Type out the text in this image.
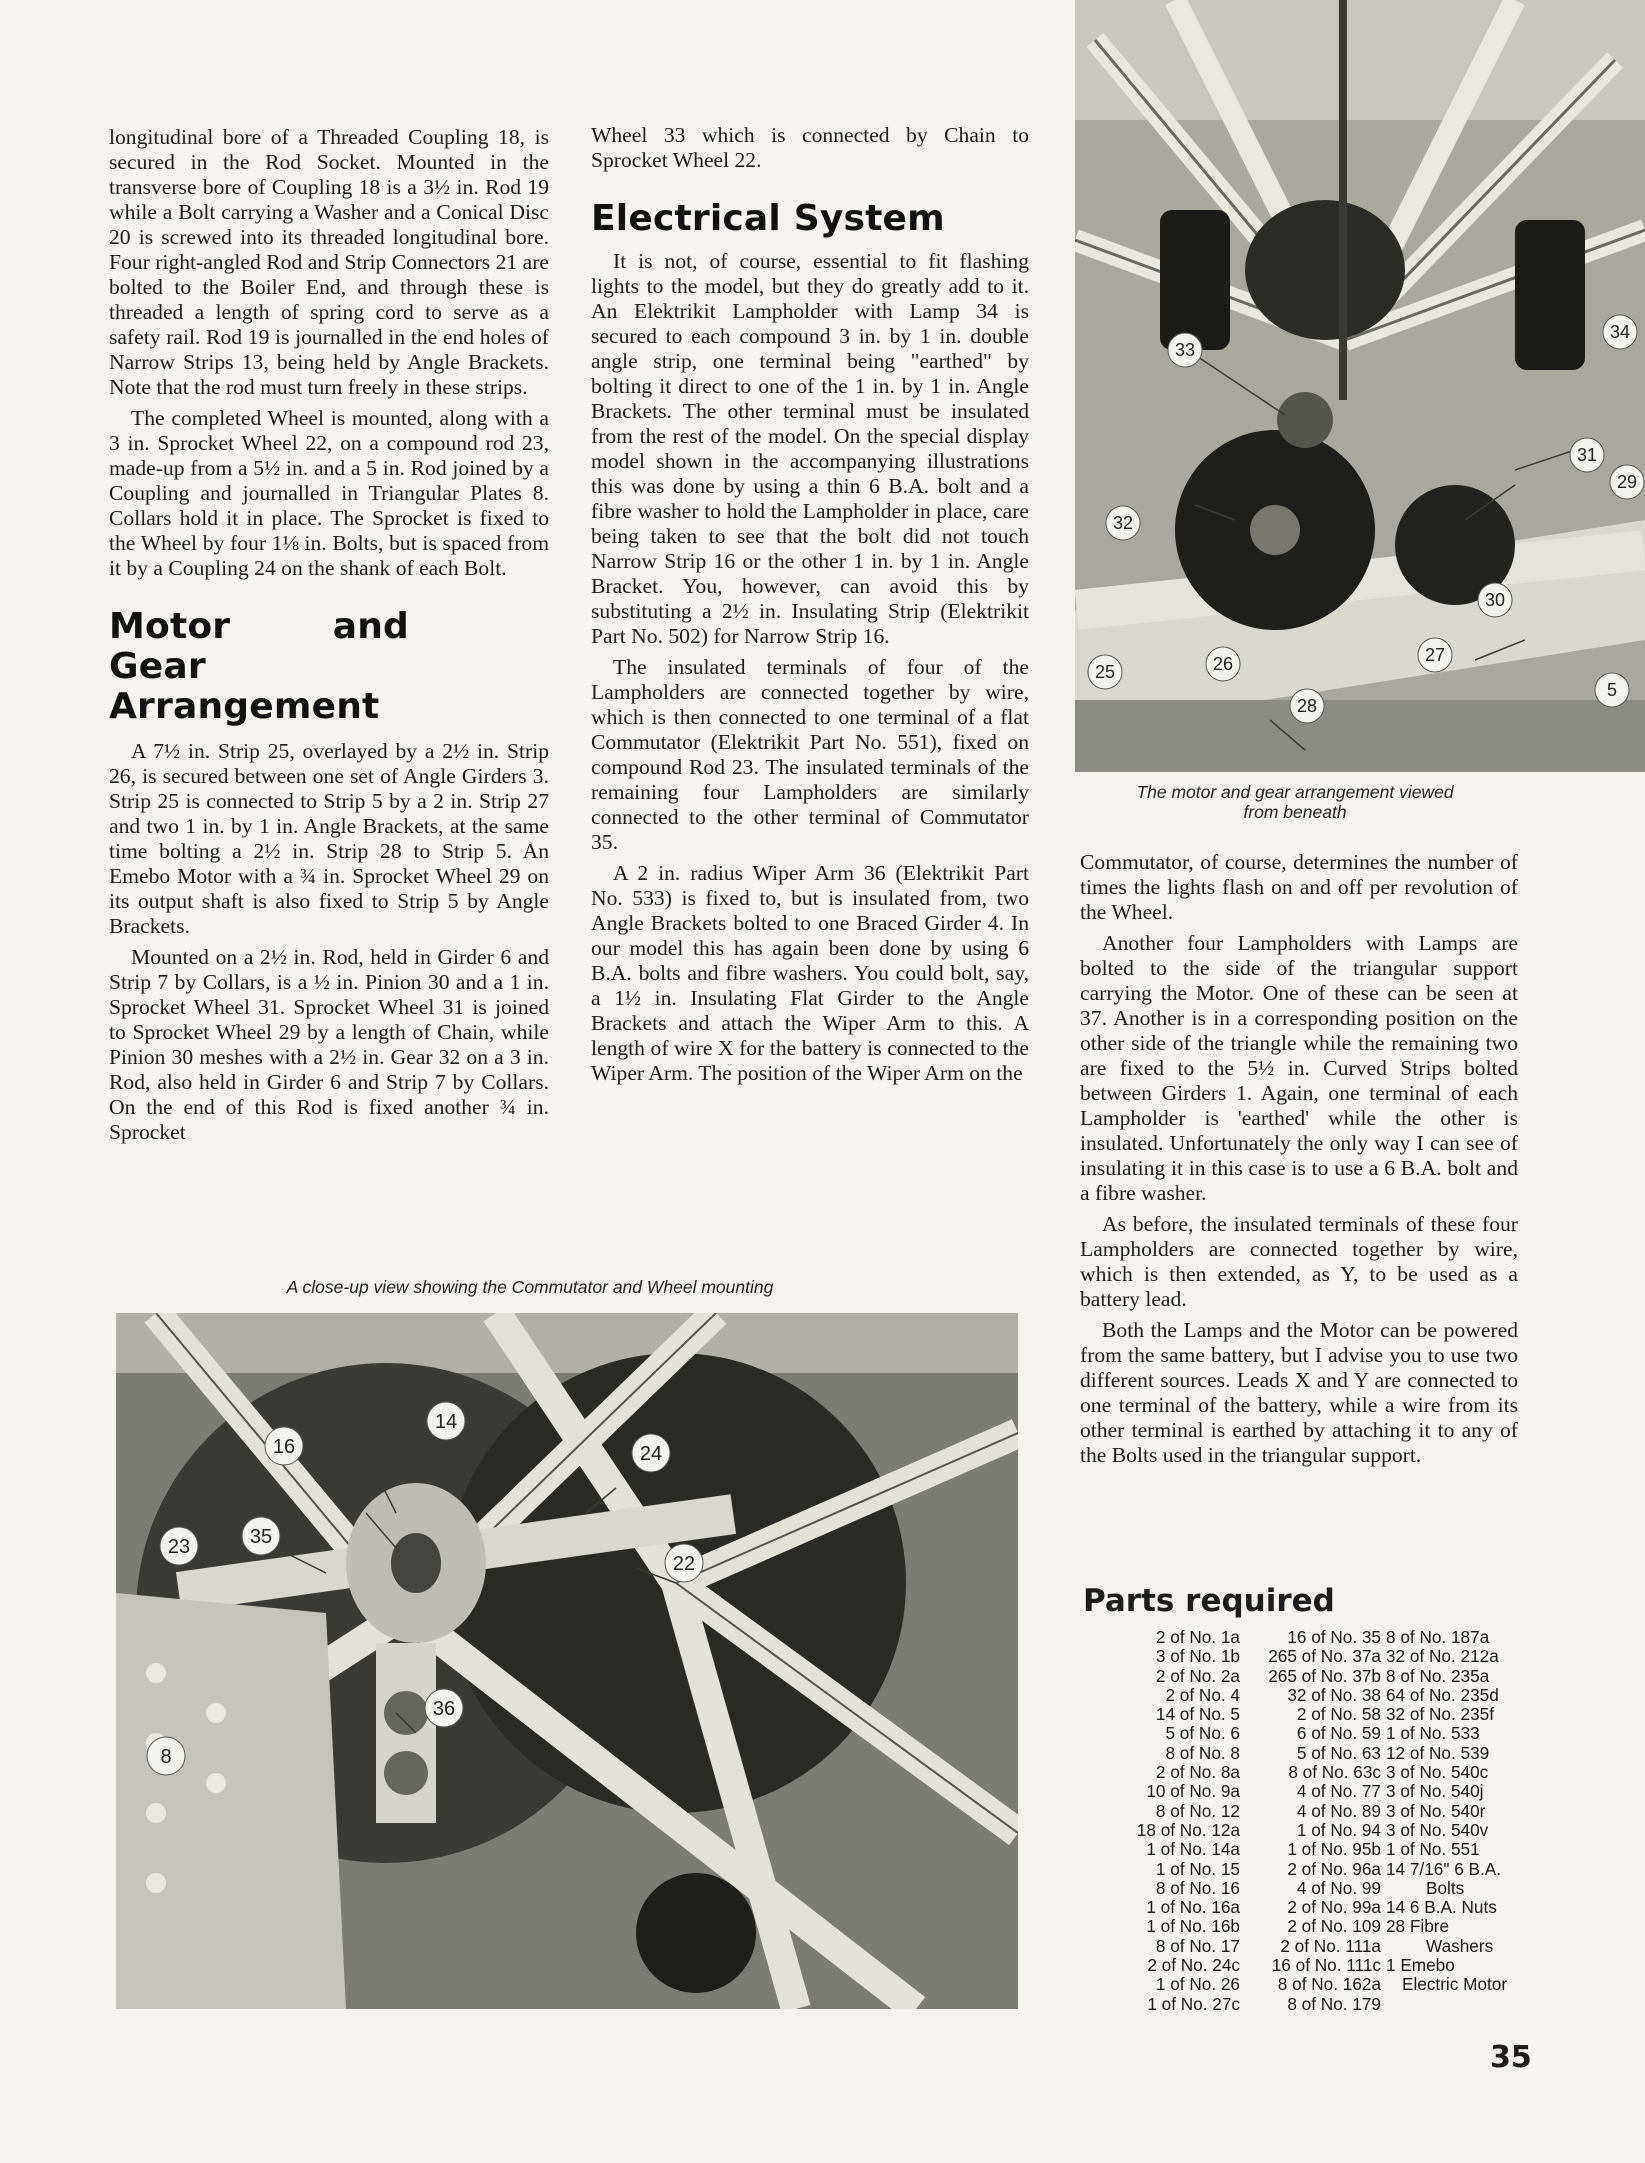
longitudinal bore of a Threaded Coupling 18, is secured in the Rod Socket. Mounted in the transverse bore of Coupling 18 is a 3½ in. Rod 19 while a Bolt carrying a Washer and a Conical Disc 20 is screwed into its threaded longitudinal bore. Four right-angled Rod and Strip Connectors 21 are bolted to the Boiler End, and through these is threaded a length of spring cord to serve as a safety rail. Rod 19 is journalled in the end holes of Narrow Strips 13, being held by Angle Brackets. Note that the rod must turn freely in these strips.

The completed Wheel is mounted, along with a 3 in. Sprocket Wheel 22, on a compound rod 23, made-up from a 5½ in. and a 5 in. Rod joined by a Coupling and journalled in Triangular Plates 8. Collars hold it in place. The Sprocket is fixed to the Wheel by four 1⅛ in. Bolts, but is spaced from it by a Coupling 24 on the shank of each Bolt.

Motor and Gear Arrangement

A 7½ in. Strip 25, overlayed by a 2½ in. Strip 26, is secured between one set of Angle Girders 3. Strip 25 is connected to Strip 5 by a 2 in. Strip 27 and two 1 in. by 1 in. Angle Brackets, at the same time bolting a 2½ in. Strip 28 to Strip 5. An Emebo Motor with a ¾ in. Sprocket Wheel 29 on its output shaft is also fixed to Strip 5 by Angle Brackets.

Mounted on a 2½ in. Rod, held in Girder 6 and Strip 7 by Collars, is a ½ in. Pinion 30 and a 1 in. Sprocket Wheel 31. Sprocket Wheel 31 is joined to Sprocket Wheel 29 by a length of Chain, while Pinion 30 meshes with a 2½ in. Gear 32 on a 3 in. Rod, also held in Girder 6 and Strip 7 by Collars. On the end of this Rod is fixed another ¾ in. Sprocket

Wheel 33 which is connected by Chain to Sprocket Wheel 22.

Electrical System

It is not, of course, essential to fit flashing lights to the model, but they do greatly add to it. An Elektrikit Lampholder with Lamp 34 is secured to each compound 3 in. by 1 in. double angle strip, one terminal being "earthed" by bolting it direct to one of the 1 in. by 1 in. Angle Brackets. The other terminal must be insulated from the rest of the model. On the special display model shown in the accompanying illustrations this was done by using a thin 6 B.A. bolt and a fibre washer to hold the Lampholder in place, care being taken to see that the bolt did not touch Narrow Strip 16 or the other 1 in. by 1 in. Angle Bracket. You, however, can avoid this by substituting a 2½ in. Insulating Strip (Elektrikit Part No. 502) for Narrow Strip 16.

The insulated terminals of four of the Lampholders are connected together by wire, which is then connected to one terminal of a flat Commutator (Elektrikit Part No. 551), fixed on compound Rod 23. The insulated terminals of the remaining four Lampholders are similarly connected to the other terminal of Commutator 35.

A 2 in. radius Wiper Arm 36 (Elektrikit Part No. 533) is fixed to, but is insulated from, two Angle Brackets bolted to one Braced Girder 4. In our model this has again been done by using 6 B.A. bolts and fibre washers. You could bolt, say, a 1½ in. Insulating Flat Girder to the Angle Brackets and attach the Wiper Arm to this. A length of wire X for the battery is connected to the Wiper Arm. The position of the Wiper Arm on the

Commutator, of course, determines the number of times the lights flash on and off per revolution of the Wheel.

Another four Lampholders with Lamps are bolted to the side of the triangular support carrying the Motor. One of these can be seen at 37. Another is in a corresponding position on the other side of the triangle while the remaining two are fixed to the 5½ in. Curved Strips bolted between Girders 1. Again, one terminal of each Lampholder is 'earthed' while the other is insulated. Unfortunately the only way I can see of insulating it in this case is to use a 6 B.A. bolt and a fibre washer.

As before, the insulated terminals of these four Lampholders are connected together by wire, which is then extended, as Y, to be used as a battery lead.

Both the Lamps and the Motor can be powered from the same battery, but I advise you to use two different sources. Leads X and Y are connected to one terminal of the battery, while a wire from its other terminal is earthed by attaching it to any of the Bolts used in the triangular support.

33
34
31
29
32
30
27
26
25
28
5
The motor and gear arrangement viewed from beneath
A close-up view showing the Commutator and Wheel mounting
14
16	24
23	35
22
36
8
Parts required
2 of No. 1a
3 of No. 1b
2 of No. 2a
2 of No. 4
14 of No. 5
5 of No. 6
8 of No. 8
2 of No. 8a
10 of No. 9a
8 of No. 12
18 of No. 12a
1 of No. 14a
1 of No. 15
8 of No. 16
1 of No. 16a
1 of No. 16b
8 of No. 17
2 of No. 24c
1 of No. 26
1 of No. 27c
16 of No. 35
265 of No. 37a
265 of No. 37b
32 of No. 38
2 of No. 58
6 of No. 59
5 of No. 63
8 of No. 63c
4 of No. 77
4 of No. 89
1 of No. 94
1 of No. 95b
2 of No. 96a
4 of No. 99
2 of No. 99a
2 of No. 109
2 of No. 111a
16 of No. 111c
8 of No. 162a
8 of No. 179
8 of No. 187a
32 of No. 212a
8 of No. 235a
64 of No. 235d
32 of No. 235f
1 of No. 533
12 of No. 539
3 of No. 540c
3 of No. 540j
3 of No. 540r
3 of No. 540v
1 of No. 551
14 7/16" 6 B.A.
Bolts
14 6 B.A. Nuts
28 Fibre
Washers
1 Emebo
Electric Motor
35
